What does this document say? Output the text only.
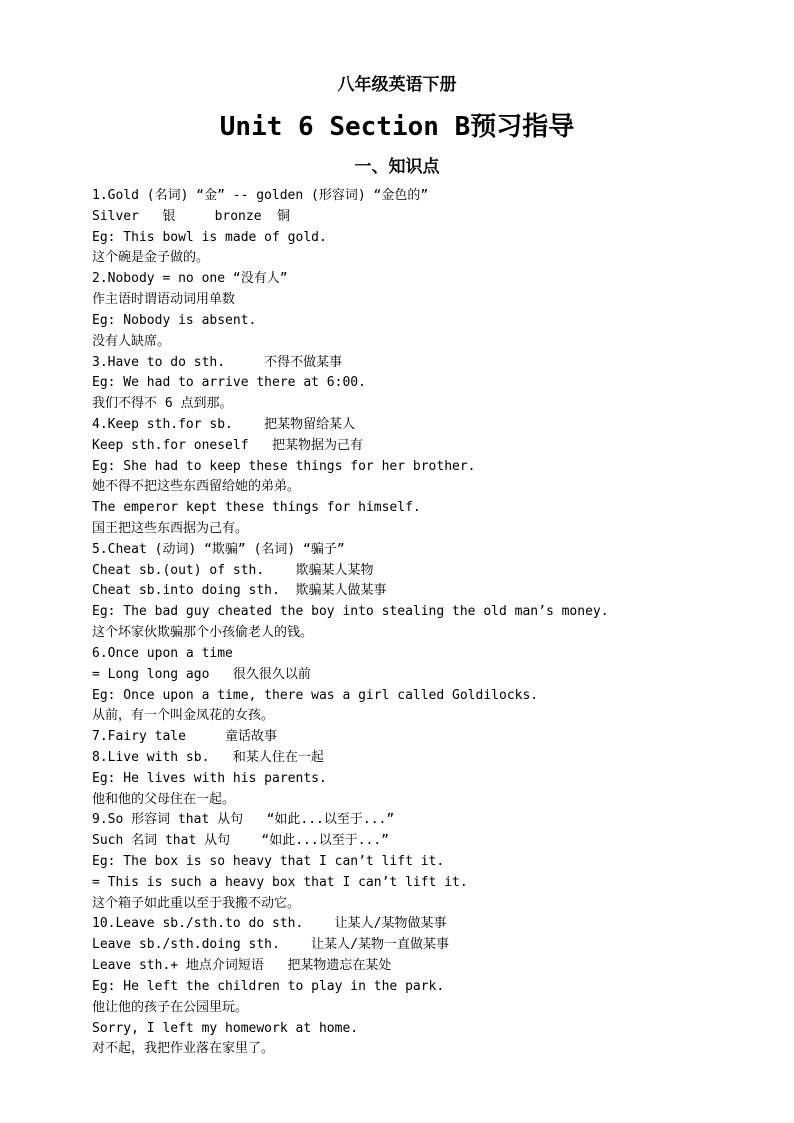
八年级英语下册
Unit 6 Section B预习指导
一、知识点
1.Gold (名词) “金” -- golden (形容词) “金色的”
Silver   银     bronze  铜
Eg: This bowl is made of gold.
这个碗是金子做的。
2.Nobody = no one “没有人”
作主语时谓语动词用单数
Eg: Nobody is absent.
没有人缺席。
3.Have to do sth.     不得不做某事
Eg: We had to arrive there at 6:00.
我们不得不 6 点到那。
4.Keep sth.for sb.    把某物留给某人
Keep sth.for oneself   把某物据为己有
Eg: She had to keep these things for her brother.
她不得不把这些东西留给她的弟弟。
The emperor kept these things for himself.
国王把这些东西据为己有。
5.Cheat (动词) “欺骗” (名词) “骗子”
Cheat sb.(out) of sth.    欺骗某人某物
Cheat sb.into doing sth.  欺骗某人做某事
Eg: The bad guy cheated the boy into stealing the old man’s money.
这个坏家伙欺骗那个小孩偷老人的钱。
6.Once upon a time
= Long long ago   很久很久以前
Eg: Once upon a time, there was a girl called Goldilocks.
从前，有一个叫金凤花的女孩。
7.Fairy tale     童话故事
8.Live with sb.   和某人住在一起
Eg: He lives with his parents.
他和他的父母住在一起。
9.So 形容词 that 从句   “如此...以至于...”
Such 名词 that 从句    “如此...以至于...”
Eg: The box is so heavy that I can’t lift it.
= This is such a heavy box that I can’t lift it.
这个箱子如此重以至于我搬不动它。
10.Leave sb./sth.to do sth.    让某人/某物做某事
Leave sb./sth.doing sth.    让某人/某物一直做某事
Leave sth.+ 地点介词短语   把某物遗忘在某处
Eg: He left the children to play in the park.
他让他的孩子在公园里玩。
Sorry, I left my homework at home.
对不起，我把作业落在家里了。
